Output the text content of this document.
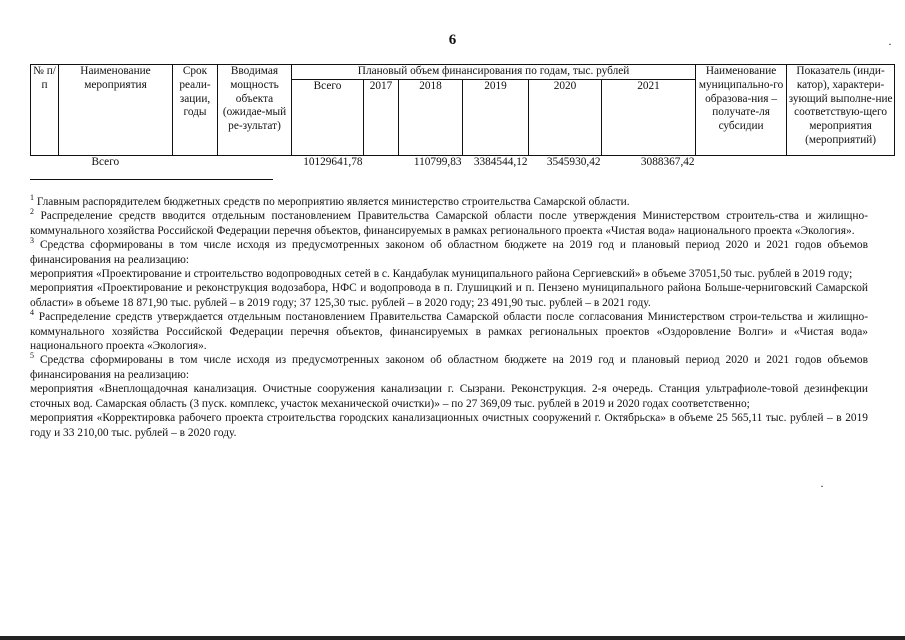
6	·
·
№ п/п	Наименование мероприятия	Срок реали-зации, годы	Вводимая мощность объекта (ожидае-мый ре-зультат)	Плановый объем финансирования по годам, тыс. рублей						Наименование муниципально-го образова-ния – получате-ля субсидии	Показатель (инди-катор), характери-зующий выполне-ние соответствую-щего мероприятия (мероприятий)
				Всего	2017	2018	2019	2020	2021		
	Всего			10129641,78		110799,83	3384544,12	3545930,42	3088367,42		

$^1$ Главным распорядителем бюджетных средств по мероприятию является министерство строительства Самарской области.

$^2$ Распределение средств вводится отдельным постановлением Правительства Самарской области после утверждения Министерством строитель-ства и жилищно-коммунального хозяйства Российской Федерации перечня объектов, финансируемых в рамках регионального проекта «Чистая вода» национального проекта «Экология».

$^3$ Средства сформированы в том числе исходя из предусмотренных законом об областном бюджете на 2019 год и плановый период 2020 и 2021 годов объемов финансирования на реализацию:

мероприятия «Проектирование и строительство водопроводных сетей в с. Кандабулак муниципального района Сергиевский» в объеме 37051,50 тыс. рублей в 2019 году;

мероприятия «Проектирование и реконструкция водозабора, НФС и водопровода в п. Глушицкий и п. Пензено муниципального района Больше-черниговский Самарской области» в объеме 18 871,90 тыс. рублей – в 2019 году; 37 125,30 тыс. рублей – в 2020 году; 23 491,90 тыс. рублей – в 2021 году.

$^4$ Распределение средств утверждается отдельным постановлением Правительства Самарской области после согласования Министерством строи-тельства и жилищно-коммунального хозяйства Российской Федерации перечня объектов, финансируемых в рамках региональных проектов «Оздоровление Волги» и «Чистая вода» национального проекта «Экология».

$^5$ Средства сформированы в том числе исходя из предусмотренных законом об областном бюджете на 2019 год и плановый период 2020 и 2021 годов объемов финансирования на реализацию:

мероприятия «Внеплощадочная канализация. Очистные сооружения канализации г. Сызрани. Реконструкция. 2-я очередь. Станция ультрафиоле-товой дезинфекции сточных вод. Самарская область (3 пуск. комплекс, участок механической очистки)» – по 27 369,09 тыс. рублей в 2019 и 2020 годах соответственно;

мероприятия «Корректировка рабочего проекта строительства городских канализационных очистных сооружений г. Октябрьска» в объеме 25 565,11 тыс. рублей – в 2019 году и 33 210,00 тыс. рублей – в 2020 году.
